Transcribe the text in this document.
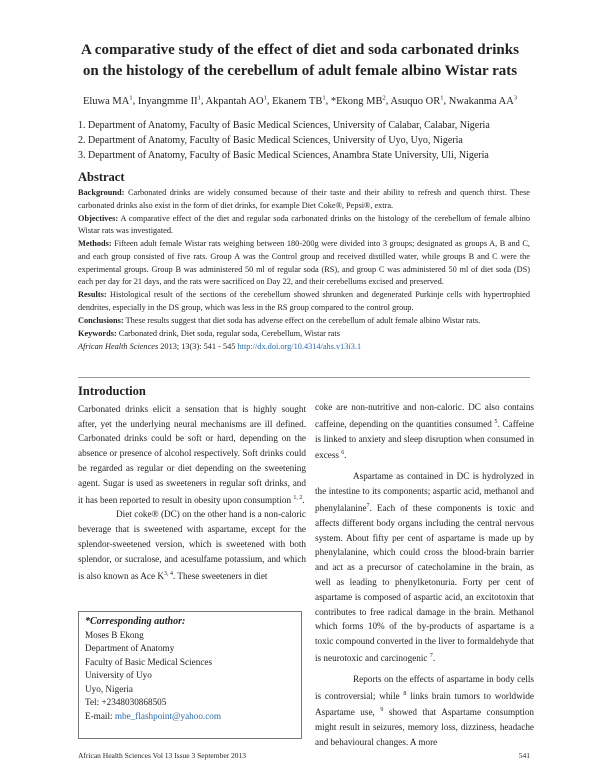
A comparative study of the effect of diet and soda carbonated drinks
on the histology of the cerebellum of adult female albino Wistar rats
Eluwa $MA^1$, Inyangmme $II^1$, Akpantah $AO^1$, Ekanem $TB^1$, *Ekong $MB^2$, Asuquo $OR^1$, Nwakanma $AA^3$
1. Department of Anatomy, Faculty of Basic Medical Sciences, University of Calabar, Calabar, Nigeria
2. Department of Anatomy, Faculty of Basic Medical Sciences, University of Uyo, Uyo, Nigeria
3. Department of Anatomy, Faculty of Basic Medical Sciences, Anambra State University, Uli, Nigeria
Abstract

Background: Carbonated drinks are widely consumed because of their taste and their ability to refresh and quench thirst. These carbonated drinks also exist in the form of diet drinks, for example Diet Coke®, Pepsi®, extra.

Objectives: A comparative effect of the diet and regular soda carbonated drinks on the histology of the cerebellum of female albino Wistar rats was investigated.

Methods: Fifteen adult female Wistar rats weighing between 180-200g were divided into 3 groups; designated as groups A, B and C, and each group consisted of five rats. Group A was the Control group and received distilled water, while groups B and C were the experimental groups. Group B was administered 50 ml of regular soda (RS), and group C was administered 50 ml of diet soda (DS) each per day for 21 days, and the rats were sacrificed on Day 22, and their cerebellums excised and preserved.

Results: Histological result of the sections of the cerebellum showed shrunken and degenerated Purkinje cells with hypertrophied dendrites, especially in the DS group, which was less in the RS group compared to the control group.

Conclusions: These results suggest that diet soda has adverse effect on the cerebellum of adult female albino Wistar rats.

Keywords: Carbonated drink, Diet soda, regular soda, Cerebellum, Wistar rats

African Health Sciences 2013; 13(3): 541 - 545 http://dx.doi.org/10.4314/ahs.v13i3.1

Introduction

Carbonated drinks elicit a sensation that is highly sought after, yet the underlying neural mechanisms are ill defined. Carbonated drinks could be soft or hard, depending on the absence or presence of alcohol respectively. Soft drinks could be regarded as regular or diet depending on the sweetening agent. Sugar is used as sweeteners in regular soft drinks, and it has been reported to result in obesity upon consumption $^{1, 2}$.

Diet coke® (DC) on the other hand is a non-caloric beverage that is sweetened with aspartame, except for the splendor-sweetened version, which is sweetened with both splendor, or sucralose, and acesulfame potassium, and which is also known as Ace K$^{3, 4}$. These sweeteners in diet

coke are non-nutritive and non-caloric. DC also contains caffeine, depending on the quantities consumed $^5$. Caffeine is linked to anxiety and sleep disruption when consumed in excess $^6$.

Aspartame as contained in DC is hydrolyzed in the intestine to its components; aspartic acid, methanol and phenylalanine$^7$. Each of these components is toxic and affects different body organs including the central nervous system. About fifty per cent of aspartame is made up by phenylalanine, which could cross the blood-brain barrier and act as a precursor of catecholamine in the brain, as well as leading to phenylketonuria. Forty per cent of aspartame is composed of aspartic acid, an excitotoxin that contributes to free radical damage in the brain. Methanol which forms 10% of the by-products of aspartame is a toxic compound converted in the liver to formaldehyde that is neurotoxic and carcinogenic $^7$.

Reports on the effects of aspartame in body cells is controversial; while $^8$ links brain tumors to worldwide Aspartame use, $^9$ showed that Aspartame consumption might result in seizures, memory loss, dizziness, headache and behavioural changes. A more

*Corresponding author:
Moses B Ekong
Department of Anatomy
Faculty of Basic Medical Sciences
University of Uyo
Uyo, Nigeria
Tel: +2348030868505
E-mail: mbe_flashpoint@yahoo.com
African Health Sciences Vol 13 Issue 3 September 2013	541
